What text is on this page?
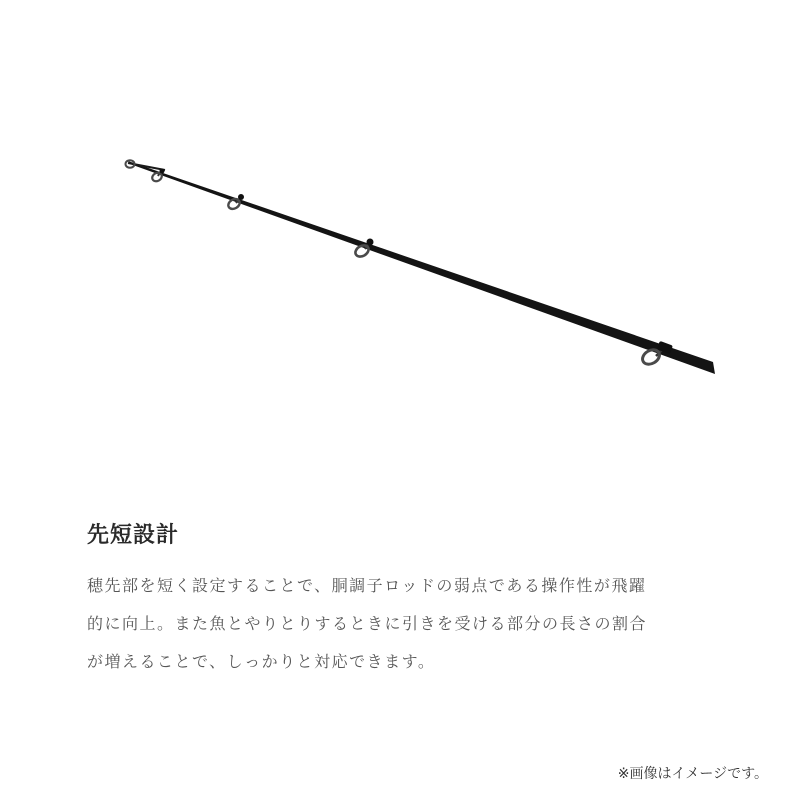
先短設計

穂先部を短く設定することで、胴調子ロッドの弱点である操作性が飛躍
的に向上。また魚とやりとりするときに引きを受ける部分の長さの割合
が増えることで、しっかりと対応できます。

※画像はイメージです。
